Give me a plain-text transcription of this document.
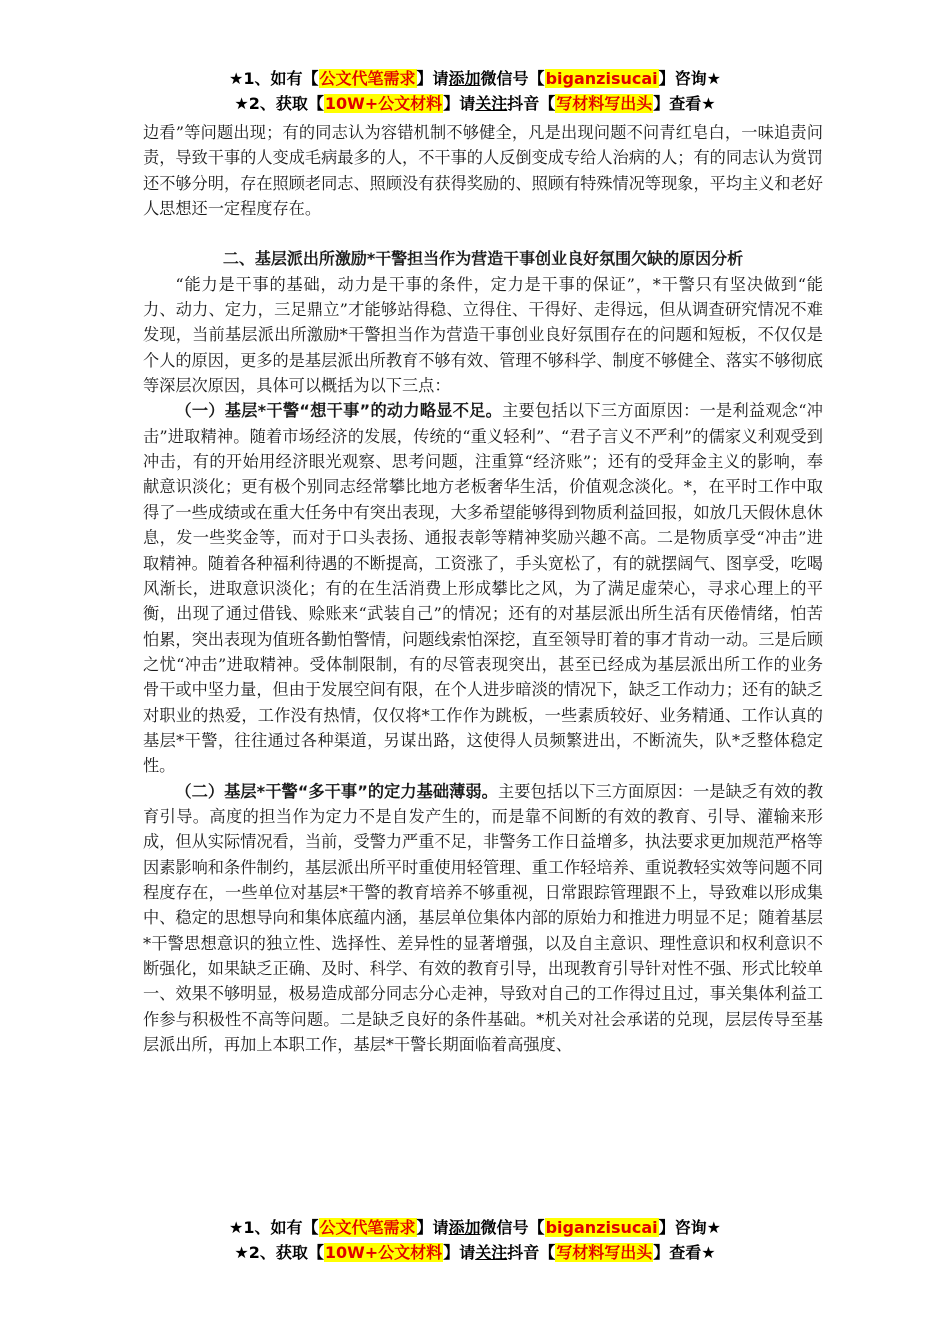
★1、如有【公文代笔需求】请添加微信号【biganzisucai】咨询★
★2、获取【10W+公文材料】请关注抖音【写材料写出头】查看★

边看”等问题出现；有的同志认为容错机制不够健全，凡是出现问题不问青红皂白，一味追责问责，导致干事的人变成毛病最多的人，不干事的人反倒变成专给人治病的人；有的同志认为赏罚还不够分明，存在照顾老同志、照顾没有获得奖励的、照顾有特殊情况等现象，平均主义和老好人思想还一定程度存在。

二、基层派出所激励*干警担当作为营造干事创业良好氛围欠缺的原因分析

“能力是干事的基础，动力是干事的条件，定力是干事的保证”，*干警只有坚决做到“能力、动力、定力，三足鼎立”才能够站得稳、立得住、干得好、走得远，但从调查研究情况不难发现，当前基层派出所激励*干警担当作为营造干事创业良好氛围存在的问题和短板，不仅仅是个人的原因，更多的是基层派出所教育不够有效、管理不够科学、制度不够健全、落实不够彻底等深层次原因，具体可以概括为以下三点：

（一）基层*干警“想干事”的动力略显不足。主要包括以下三方面原因：一是利益观念“冲击”进取精神。随着市场经济的发展，传统的“重义轻利”、“君子言义不严利”的儒家义利观受到冲击，有的开始用经济眼光观察、思考问题，注重算“经济账”；还有的受拜金主义的影响，奉献意识淡化；更有极个别同志经常攀比地方老板奢华生活，价值观念淡化。*，在平时工作中取得了一些成绩或在重大任务中有突出表现，大多希望能够得到物质利益回报，如放几天假休息休息，发一些奖金等，而对于口头表扬、通报表彰等精神奖励兴趣不高。二是物质享受“冲击”进取精神。随着各种福利待遇的不断提高，工资涨了，手头宽松了，有的就摆阔气、图享受，吃喝风渐长，进取意识淡化；有的在生活消费上形成攀比之风，为了满足虚荣心，寻求心理上的平衡，出现了通过借钱、赊账来“武装自己”的情况；还有的对基层派出所生活有厌倦情绪，怕苦怕累，突出表现为值班各勤怕警情，问题线索怕深挖，直至领导盯着的事才肯动一动。三是后顾之忧“冲击”进取精神。受体制限制，有的尽管表现突出，甚至已经成为基层派出所工作的业务骨干或中坚力量，但由于发展空间有限，在个人进步暗淡的情况下，缺乏工作动力；还有的缺乏对职业的热爱，工作没有热情，仅仅将*工作作为跳板，一些素质较好、业务精通、工作认真的基层*干警，往往通过各种渠道，另谋出路，这使得人员频繁进出，不断流失，队*乏整体稳定性。

（二）基层*干警“多干事”的定力基础薄弱。主要包括以下三方面原因：一是缺乏有效的教育引导。高度的担当作为定力不是自发产生的，而是靠不间断的有效的教育、引导、灌输来形成，但从实际情况看，当前，受警力严重不足，非警务工作日益增多，执法要求更加规范严格等因素影响和条件制约，基层派出所平时重使用轻管理、重工作轻培养、重说教轻实效等问题不同程度存在，一些单位对基层*干警的教育培养不够重视，日常跟踪管理跟不上，导致难以形成集中、稳定的思想导向和集体底蕴内涵，基层单位集体内部的原始力和推进力明显不足；随着基层*干警思想意识的独立性、选择性、差异性的显著增强，以及自主意识、理性意识和权利意识不断强化，如果缺乏正确、及时、科学、有效的教育引导，出现教育引导针对性不强、形式比较单一、效果不够明显，极易造成部分同志分心走神，导致对自己的工作得过且过，事关集体利益工作参与积极性不高等问题。二是缺乏良好的条件基础。*机关对社会承诺的兑现，层层传导至基层派出所，再加上本职工作，基层*干警长期面临着高强度、

★1、如有【公文代笔需求】请添加微信号【biganzisucai】咨询★
★2、获取【10W+公文材料】请关注抖音【写材料写出头】查看★
